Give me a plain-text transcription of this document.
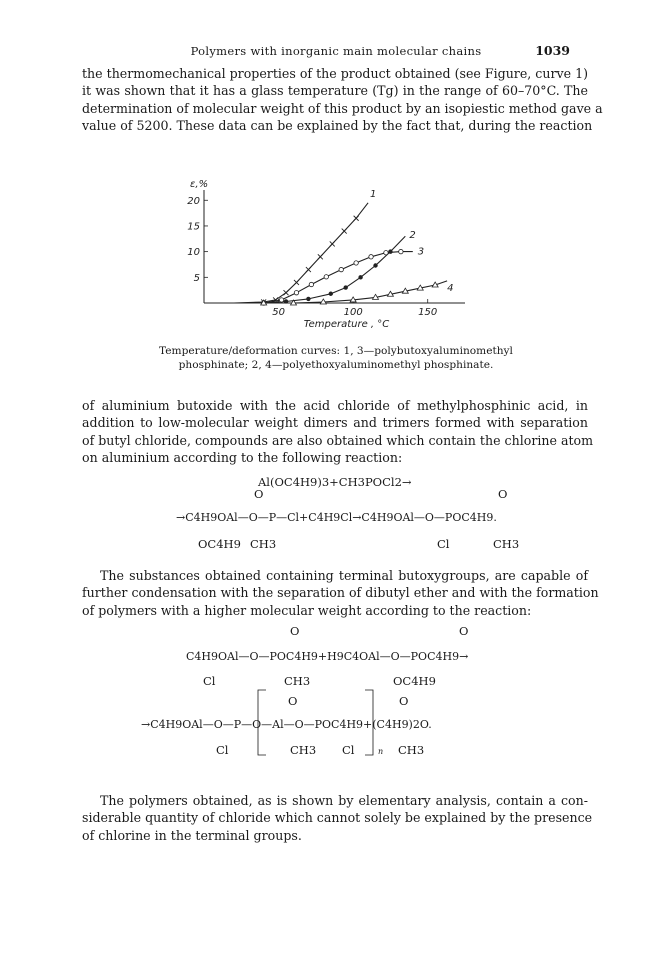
Polymers with inorganic main molecular chains	1039
the thermomechanical properties of the product obtained (see Figure, curve 1)
it was shown that it has a glass temperature (Tg) in the range of 60–70°C. The
determination of molecular weight of this product by an isopiestic method gave a
value of 5200. These data can be explained by the fact that, during the reaction
50	100	150
5
10
15
20
ε,%
Temperature , °C
1
2
3
4
Temperature/deformation curves: 1, 3—polybutoxyaluminomethyl
phosphinate; 2, 4—polyethoxyaluminomethyl phosphinate.
of aluminium butoxide with the acid chloride of methylphosphinic acid, in
addition to low-molecular weight dimers and trimers formed with separation
of butyl chloride, compounds are also obtained which contain the chlorine atom
on aluminium according to the following reaction:
Al(OC4H9)3+CH3POCl2→
O	O
→C4H9OAl—O—P—Cl+C4H9Cl→C4H9OAl—O—POC4H9.
OC4H9 CH3	Cl	CH3
The substances obtained containing terminal butoxygroups, are capable of
further condensation with the separation of dibutyl ether and with the formation
of polymers with a higher molecular weight according to the reaction:
O	O
C4H9OAl—O—POC4H9+H9C4OAl—O—POC4H9→
Cl	CH3	OC4H9
O	O
→C4H9OAl—O—P—O—Al—O—POC4H9+(C4H9)2O.
Cl	CH3 Cl	CH3
n
The polymers obtained, as is shown by elementary analysis, contain a con-
siderable quantity of chloride which cannot solely be explained by the presence
of chlorine in the terminal groups.
